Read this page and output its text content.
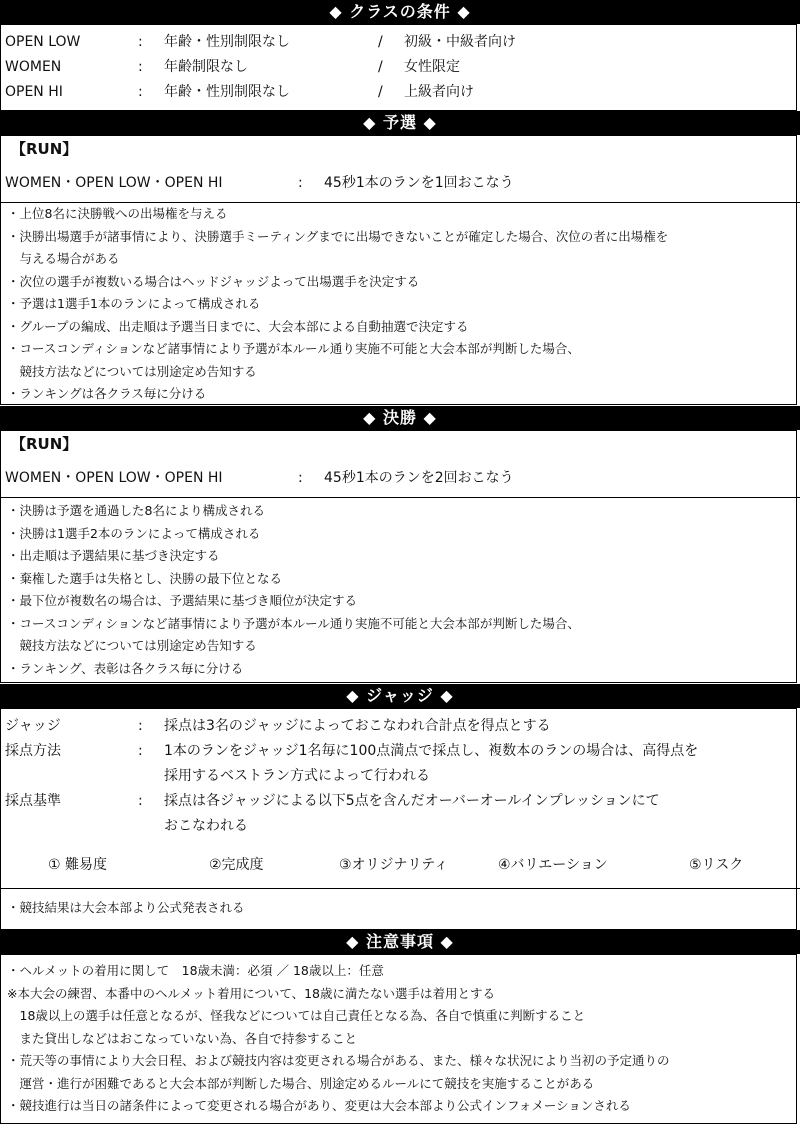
◆ クラスの条件 ◆
OPEN LOW	: 年齢・性別制限なし	/ 初級・中級者向け
WOMEN	: 年齢制限なし	/ 女性限定
OPEN HI	: 年齢・性別制限なし	/ 上級者向け
◆ 予選 ◆
【RUN】
WOMEN・OPEN LOW・OPEN HI	: 45秒1本のランを1回おこなう
・上位8名に決勝戦への出場権を与える
・決勝出場選手が諸事情により、決勝選手ミーティングまでに出場できないことが確定した場合、次位の者に出場権を
　与える場合がある
・次位の選手が複数いる場合はヘッドジャッジよって出場選手を決定する
・予選は1選手1本のランによって構成される
・グループの編成、出走順は予選当日までに、大会本部による自動抽選で決定する
・コースコンディションなど諸事情により予選が本ルール通り実施不可能と大会本部が判断した場合、
　競技方法などについては別途定め告知する
・ランキングは各クラス毎に分ける
◆ 決勝 ◆
【RUN】
WOMEN・OPEN LOW・OPEN HI	: 45秒1本のランを2回おこなう
・決勝は予選を通過した8名により構成される
・決勝は1選手2本のランによって構成される
・出走順は予選結果に基づき決定する
・棄権した選手は失格とし、決勝の最下位となる
・最下位が複数名の場合は、予選結果に基づき順位が決定する
・コースコンディションなど諸事情により予選が本ルール通り実施不可能と大会本部が判断した場合、
　競技方法などについては別途定め告知する
・ランキング、表彰は各クラス毎に分ける
◆ ジャッジ ◆
ジャッジ	: 採点は3名のジャッジによっておこなわれ合計点を得点とする
採点方法	: 1本のランをジャッジ1名毎に100点満点で採点し、複数本のランの場合は、高得点を
採用するベストラン方式によって行われる
採点基準	: 採点は各ジャッジによる以下5点を含んだオーバーオールインプレッションにて
おこなわれる
① 難易度	②完成度	③オリジナリティ	④バリエーション	⑤リスク
・競技結果は大会本部より公式発表される
◆ 注意事項 ◆
・ヘルメットの着用に関して　18歳未満：必須 ／ 18歳以上：任意
※本大会の練習、本番中のヘルメット着用について、18歳に満たない選手は着用とする
　18歳以上の選手は任意となるが、怪我などについては自己責任となる為、各自で慎重に判断すること
　また貸出しなどはおこなっていない為、各自で持参すること
・荒天等の事情により大会日程、および競技内容は変更される場合がある、また、様々な状況により当初の予定通りの
　運営・進行が困難であると大会本部が判断した場合、別途定めるルールにて競技を実施することがある
・競技進行は当日の諸条件によって変更される場合があり、変更は大会本部より公式インフォメーションされる
